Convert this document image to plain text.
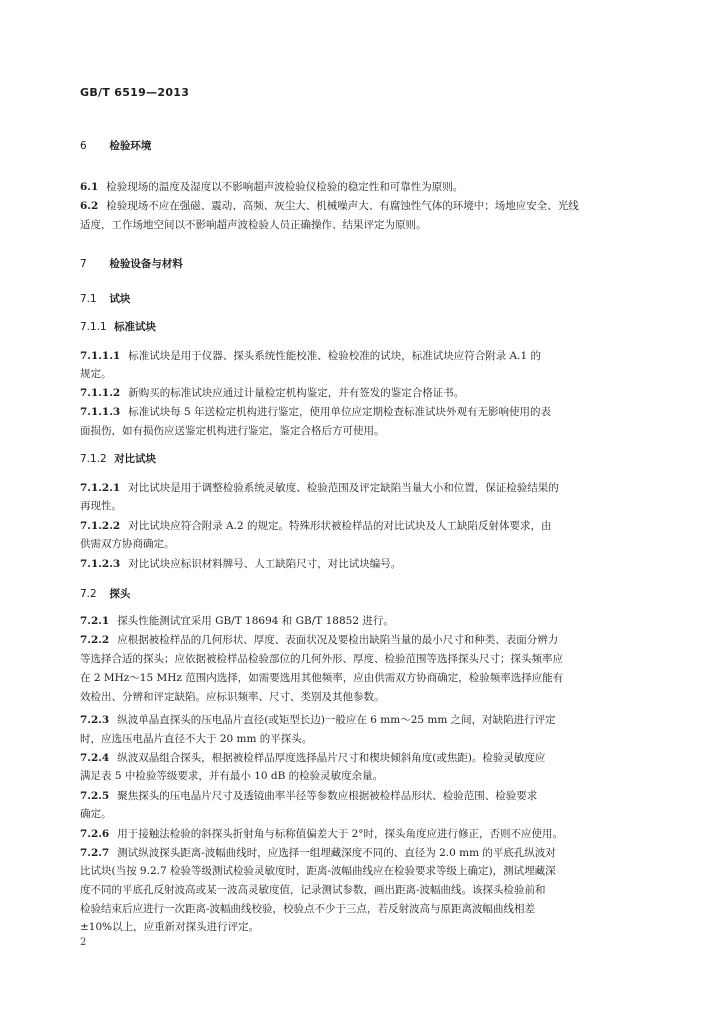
GB/T 6519—2013
6 检验环境
6.1 检验现场的温度及湿度以不影响超声波检验仪检验的稳定性和可靠性为原则。
6.2 检验现场不应在强磁、震动、高频、灰尘大、机械噪声大、有腐蚀性气体的环境中；场地应安全、光线
适度，工作场地空间以不影响超声波检验人员正确操作、结果评定为原则。
7 检验设备与材料
7.1 试块
7.1.1 标准试块
7.1.1.1 标准试块是用于仪器、探头系统性能校准、检验校准的试块，标准试块应符合附录 A.1 的
规定。
7.1.1.2 新购买的标准试块应通过计量检定机构鉴定，并有签发的鉴定合格证书。
7.1.1.3 标准试块每 5 年送检定机构进行鉴定，使用单位应定期检查标准试块外观有无影响使用的表
面损伤，如有损伤应送鉴定机构进行鉴定，鉴定合格后方可使用。
7.1.2 对比试块
7.1.2.1 对比试块是用于调整检验系统灵敏度、检验范围及评定缺陷当量大小和位置，保证检验结果的
再现性。
7.1.2.2 对比试块应符合附录 A.2 的规定。特殊形状被检样品的对比试块及人工缺陷反射体要求，由
供需双方协商确定。
7.1.2.3 对比试块应标识材料牌号、人工缺陷尺寸，对比试块编号。
7.2 探头
7.2.1 探头性能测试宜采用 GB/T 18694 和 GB/T 18852 进行。
7.2.2 应根据被检样品的几何形状、厚度、表面状况及要检出缺陷当量的最小尺寸和种类、表面分辨力
等选择合适的探头；应依据被检样品检验部位的几何外形、厚度、检验范围等选择探头尺寸；探头频率应
在 2 MHz～15 MHz 范围内选择，如需要选用其他频率，应由供需双方协商确定，检验频率选择应能有
效检出、分辨和评定缺陷。应标识频率、尺寸、类别及其他参数。
7.2.3 纵波单晶直探头的压电晶片直径(或矩型长边)一般应在 6 mm～25 mm 之间，对缺陷进行评定
时，应选压电晶片直径不大于 20 mm 的平探头。
7.2.4 纵波双晶组合探头，根据被检样品厚度选择晶片尺寸和楔块倾斜角度(或焦距)。检验灵敏度应
满足表 5 中检验等级要求，并有最小 10 dB 的检验灵敏度余量。
7.2.5 聚焦探头的压电晶片尺寸及透镜曲率半径等参数应根据被检样品形状、检验范围、检验要求
确定。
7.2.6 用于接触法检验的斜探头折射角与标称值偏差大于 2°时，探头角度应进行修正，否则不应使用。
7.2.7 测试纵波探头距离-波幅曲线时，应选择一组埋藏深度不同的、直径为 2.0 mm 的平底孔纵波对
比试块(当按 9.2.7 检验等级测试检验灵敏度时，距离-波幅曲线应在检验要求等级上确定)，测试埋藏深
度不同的平底孔反射波高或某一波高灵敏度值，记录测试参数，画出距离-波幅曲线。该探头检验前和
检验结束后应进行一次距离-波幅曲线校验，校验点不少于三点，若反射波高与原距离波幅曲线相差
±10%以上，应重新对探头进行评定。
2
